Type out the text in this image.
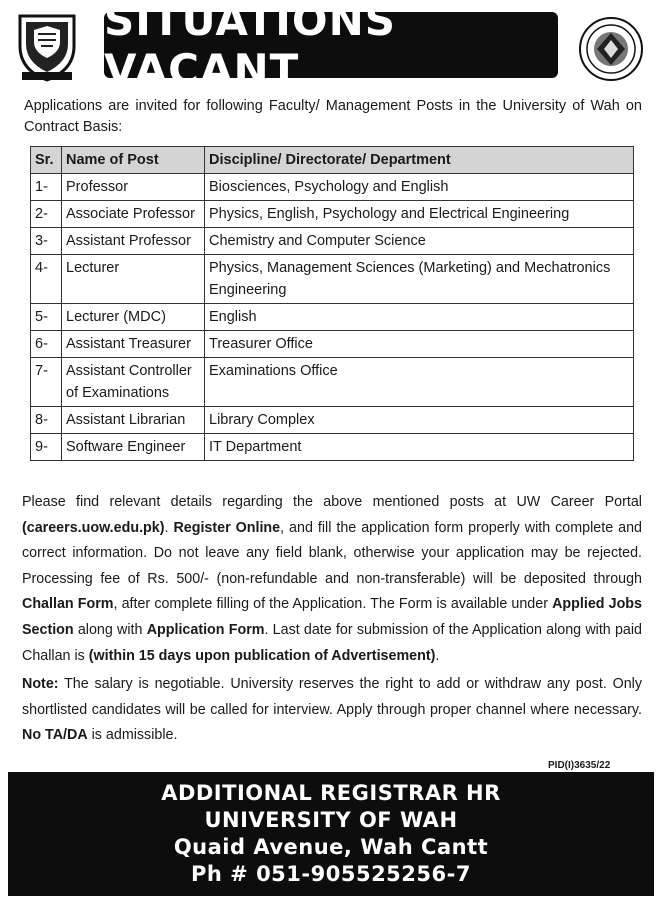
SITUATIONS VACANT
Applications are invited for following Faculty/ Management Posts in the University of Wah on Contract Basis:
Sr.	Name of Post	Discipline/ Directorate/ Department
1-	Professor	Biosciences, Psychology and English
2-	Associate Professor	Physics, English, Psychology and Electrical Engineering
3-	Assistant Professor	Chemistry and Computer Science
4-	Lecturer	Physics, Management Sciences (Marketing) and Mechatronics Engineering
5-	Lecturer (MDC)	English
6-	Assistant Treasurer	Treasurer Office
7-	Assistant Controller of Examinations	Examinations Office
8-	Assistant Librarian	Library Complex
9-	Software Engineer	IT Department

Please find relevant details regarding the above mentioned posts at UW Career Portal (careers.uow.edu.pk). Register Online, and fill the application form properly with complete and correct information. Do not leave any field blank, otherwise your application may be rejected. Processing fee of Rs. 500/- (non-refundable and non-transferable) will be deposited through Challan Form, after complete filling of the Application. The Form is available under Applied Jobs Section along with Application Form. Last date for submission of the Application along with paid Challan is (within 15 days upon publication of Advertisement).

Note: The salary is negotiable. University reserves the right to add or withdraw any post. Only shortlisted candidates will be called for interview. Apply through proper channel where necessary. No TA/DA is admissible.

PID(I)3635/22
ADDITIONAL REGISTRAR HR
UNIVERSITY OF WAH
Quaid Avenue, Wah Cantt
Ph # 051-905525256-7
